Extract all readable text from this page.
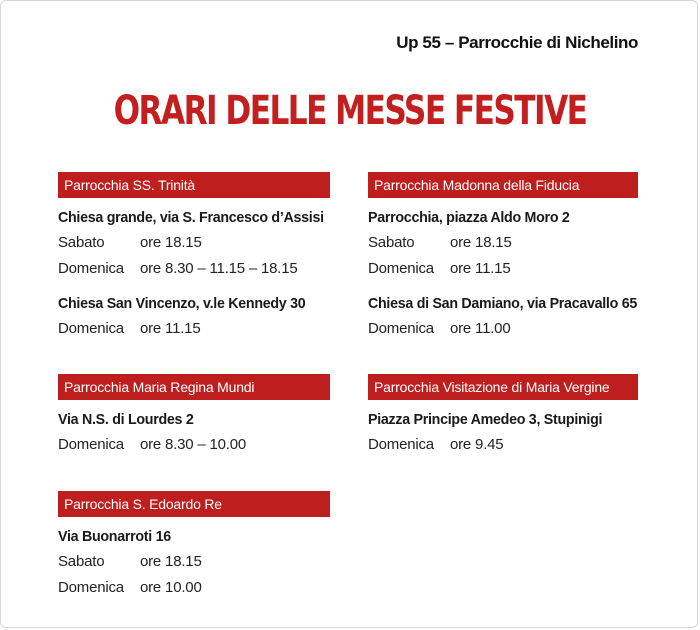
Up 55 – Parrocchie di Nichelino
ORARI DELLE MESSE FESTIVE
Parrocchia SS. Trinità
Chiesa grande, via S. Francesco d’Assisi
Sabato	ore 18.15
Domenica	ore 8.30 – 11.15 – 18.15
Chiesa San Vincenzo, v.le Kennedy 30
Domenica	ore 11.15
Parrocchia Madonna della Fiducia
Parrocchia, piazza Aldo Moro 2
Sabato	ore 18.15
Domenica	ore 11.15
Chiesa di San Damiano, via Pracavallo 65
Domenica	ore 11.00
Parrocchia Maria Regina Mundi
Via N.S. di Lourdes 2
Domenica	ore 8.30 – 10.00
Parrocchia Visitazione di Maria Vergine
Piazza Principe Amedeo 3, Stupinigi
Domenica	ore 9.45
Parrocchia S. Edoardo Re
Via Buonarroti 16
Sabato	ore 18.15
Domenica	ore 10.00
